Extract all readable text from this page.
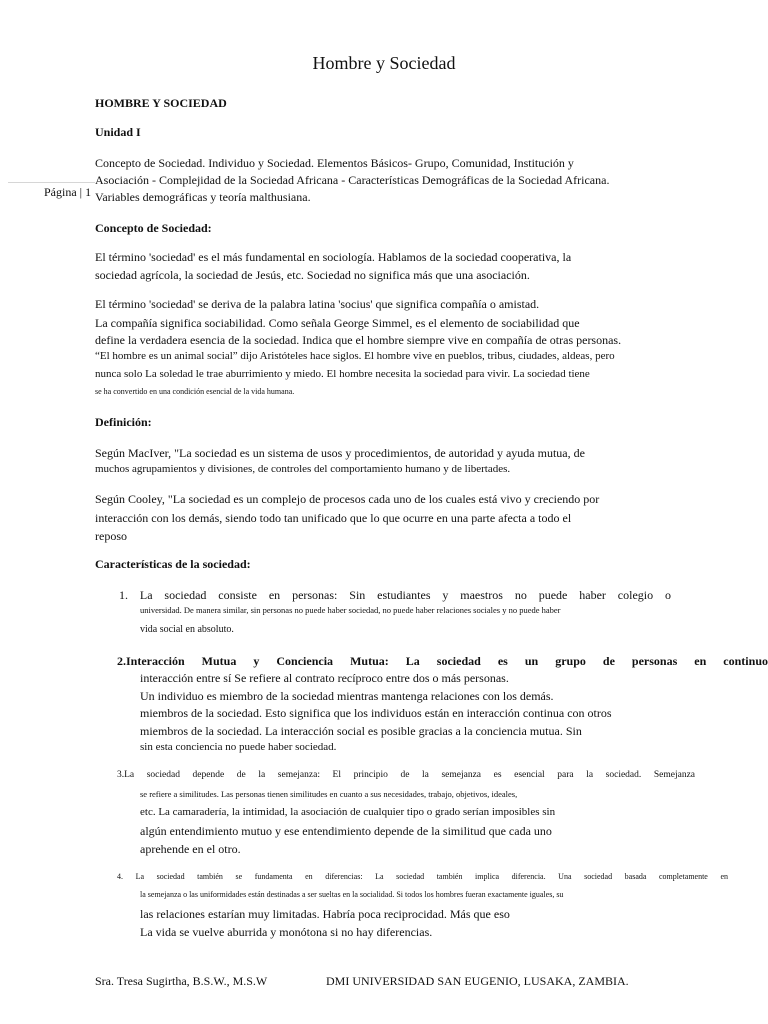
Hombre y Sociedad
HOMBRE Y SOCIEDAD
Unidad I
Concepto de Sociedad. Individuo y Sociedad. Elementos Básicos- Grupo, Comunidad, Institución y
Asociación - Complejidad de la Sociedad Africana - Características Demográficas de la Sociedad Africana.
Página | 1 Variables demográficas y teoría malthusiana.
Concepto de Sociedad:
El término 'sociedad' es el más fundamental en sociología. Hablamos de la sociedad cooperativa, la
sociedad agrícola, la sociedad de Jesús, etc. Sociedad no significa más que una asociación.
El término 'sociedad' se deriva de la palabra latina 'socius' que significa compañía o amistad.
La compañía significa sociabilidad. Como señala George Simmel, es el elemento de sociabilidad que
define la verdadera esencia de la sociedad. Indica que el hombre siempre vive en compañía de otras personas.
“El hombre es un animal social” dijo Aristóteles hace siglos. El hombre vive en pueblos, tribus, ciudades, aldeas, pero
nunca solo La soledad le trae aburrimiento y miedo. El hombre necesita la sociedad para vivir. La sociedad tiene
se ha convertido en una condición esencial de la vida humana.
Definición:
Según MacIver, "La sociedad es un sistema de usos y procedimientos, de autoridad y ayuda mutua, de
muchos agrupamientos y divisiones, de controles del comportamiento humano y de libertades.
Según Cooley, "La sociedad es un complejo de procesos cada uno de los cuales está vivo y creciendo por
interacción con los demás, siendo todo tan unificado que lo que ocurre en una parte afecta a todo el
reposo
Características de la sociedad:
1. La sociedad consiste en personas: Sin estudiantes y maestros no puede haber colegio o
universidad. De manera similar, sin personas no puede haber sociedad, no puede haber relaciones sociales y no puede haber
vida social en absoluto.
2.Interacción Mutua y Conciencia Mutua: La sociedad es un grupo de personas en continuo
interacción entre sí Se refiere al contrato recíproco entre dos o más personas.
Un individuo es miembro de la sociedad mientras mantenga relaciones con los demás.
miembros de la sociedad. Esto significa que los individuos están en interacción continua con otros
miembros de la sociedad. La interacción social es posible gracias a la conciencia mutua. Sin
sin esta conciencia no puede haber sociedad.
3.La sociedad depende de la semejanza: El principio de la semejanza es esencial para la sociedad. Semejanza
se refiere a similitudes. Las personas tienen similitudes en cuanto a sus necesidades, trabajo, objetivos, ideales,
etc. La camaradería, la intimidad, la asociación de cualquier tipo o grado serían imposibles sin
algún entendimiento mutuo y ese entendimiento depende de la similitud que cada uno
aprehende en el otro.
4. La sociedad también se fundamenta en diferencias: La sociedad también implica diferencia. Una sociedad basada completamente en
la semejanza o las uniformidades están destinadas a ser sueltas en la socialidad. Si todos los hombres fueran exactamente iguales, su
las relaciones estarían muy limitadas. Habría poca reciprocidad. Más que eso
La vida se vuelve aburrida y monótona si no hay diferencias.
Sra. Tresa Sugirtha, B.S.W., M.S.W	DMI UNIVERSIDAD SAN EUGENIO, LUSAKA, ZAMBIA.
